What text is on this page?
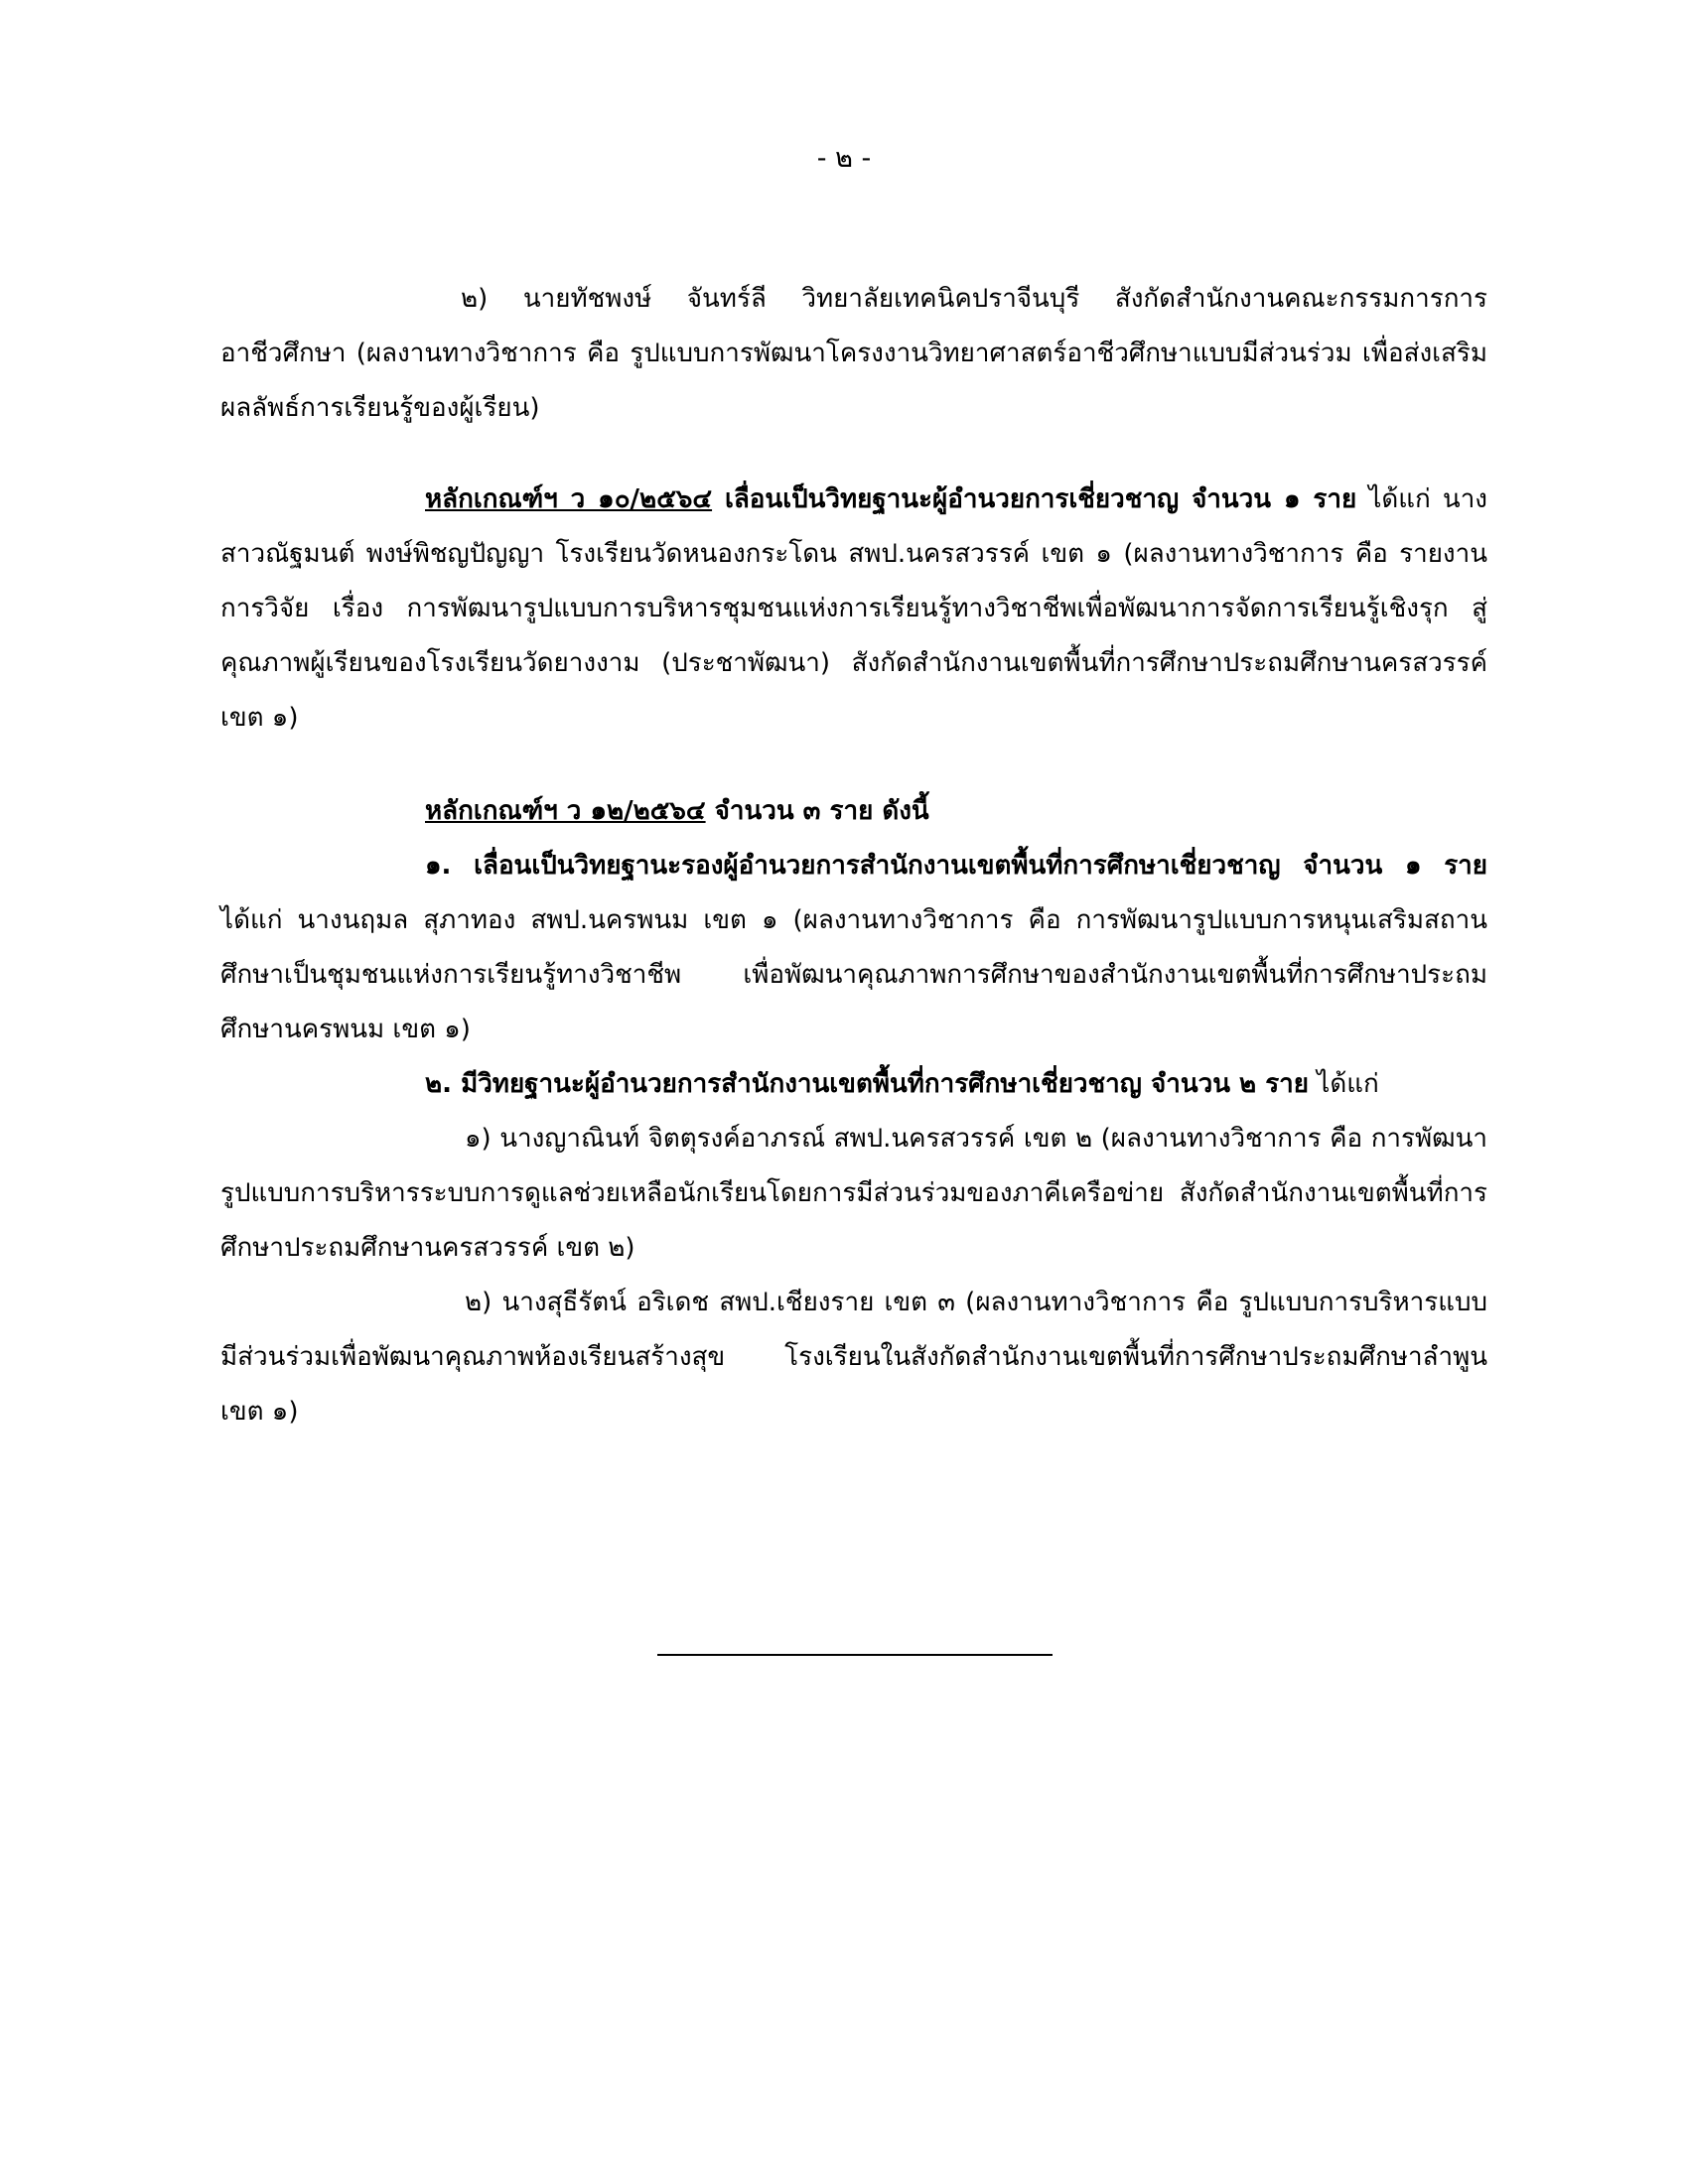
- ๒ -

๒) นายทัชพงษ์ จันทร์ลี วิทยาลัยเทคนิคปราจีนบุรี สังกัดสำนักงานคณะกรรมการการอาชีวศึกษา (ผลงานทางวิชาการ คือ รูปแบบการพัฒนาโครงงานวิทยาศาสตร์อาชีวศึกษาแบบมีส่วนร่วม เพื่อส่งเสริมผลลัพธ์การเรียนรู้ของผู้เรียน)

หลักเกณฑ์ฯ ว ๑๐/๒๕๖๔ เลื่อนเป็นวิทยฐานะผู้อำนวยการเชี่ยวชาญ จำนวน ๑ ราย ได้แก่ นางสาวณัฐมนต์ พงษ์พิชญปัญญา โรงเรียนวัดหนองกระโดน สพป.นครสวรรค์ เขต ๑ (ผลงานทางวิชาการ คือ รายงานการวิจัย เรื่อง การพัฒนารูปแบบการบริหารชุมชนแห่งการเรียนรู้ทางวิชาชีพเพื่อพัฒนาการจัดการเรียนรู้เชิงรุก สู่คุณภาพผู้เรียนของโรงเรียนวัดยางงาม (ประชาพัฒนา) สังกัดสำนักงานเขตพื้นที่การศึกษาประถมศึกษานครสวรรค์ เขต ๑)

หลักเกณฑ์ฯ ว ๑๒/๒๕๖๔ จำนวน ๓ ราย ดังนี้

๑. เลื่อนเป็นวิทยฐานะรองผู้อำนวยการสำนักงานเขตพื้นที่การศึกษาเชี่ยวชาญ จำนวน ๑ ราย ได้แก่ นางนฤมล สุภาทอง สพป.นครพนม เขต ๑ (ผลงานทางวิชาการ คือ การพัฒนารูปแบบการหนุนเสริมสถานศึกษาเป็นชุมชนแห่งการเรียนรู้ทางวิชาชีพ เพื่อพัฒนาคุณภาพการศึกษาของสำนักงานเขตพื้นที่การศึกษาประถมศึกษานครพนม เขต ๑)

๒. มีวิทยฐานะผู้อำนวยการสำนักงานเขตพื้นที่การศึกษาเชี่ยวชาญ จำนวน ๒ ราย ได้แก่

๑) นางญาณินท์ จิตตุรงค์อาภรณ์ สพป.นครสวรรค์ เขต ๒ (ผลงานทางวิชาการ คือ การพัฒนารูปแบบการบริหารระบบการดูแลช่วยเหลือนักเรียนโดยการมีส่วนร่วมของภาคีเครือข่าย สังกัดสำนักงานเขตพื้นที่การศึกษาประถมศึกษานครสวรรค์ เขต ๒)

๒) นางสุธีรัตน์ อริเดช สพป.เชียงราย เขต ๓ (ผลงานทางวิชาการ คือ รูปแบบการบริหารแบบมีส่วนร่วมเพื่อพัฒนาคุณภาพห้องเรียนสร้างสุข โรงเรียนในสังกัดสำนักงานเขตพื้นที่การศึกษาประถมศึกษาลำพูน เขต ๑)
